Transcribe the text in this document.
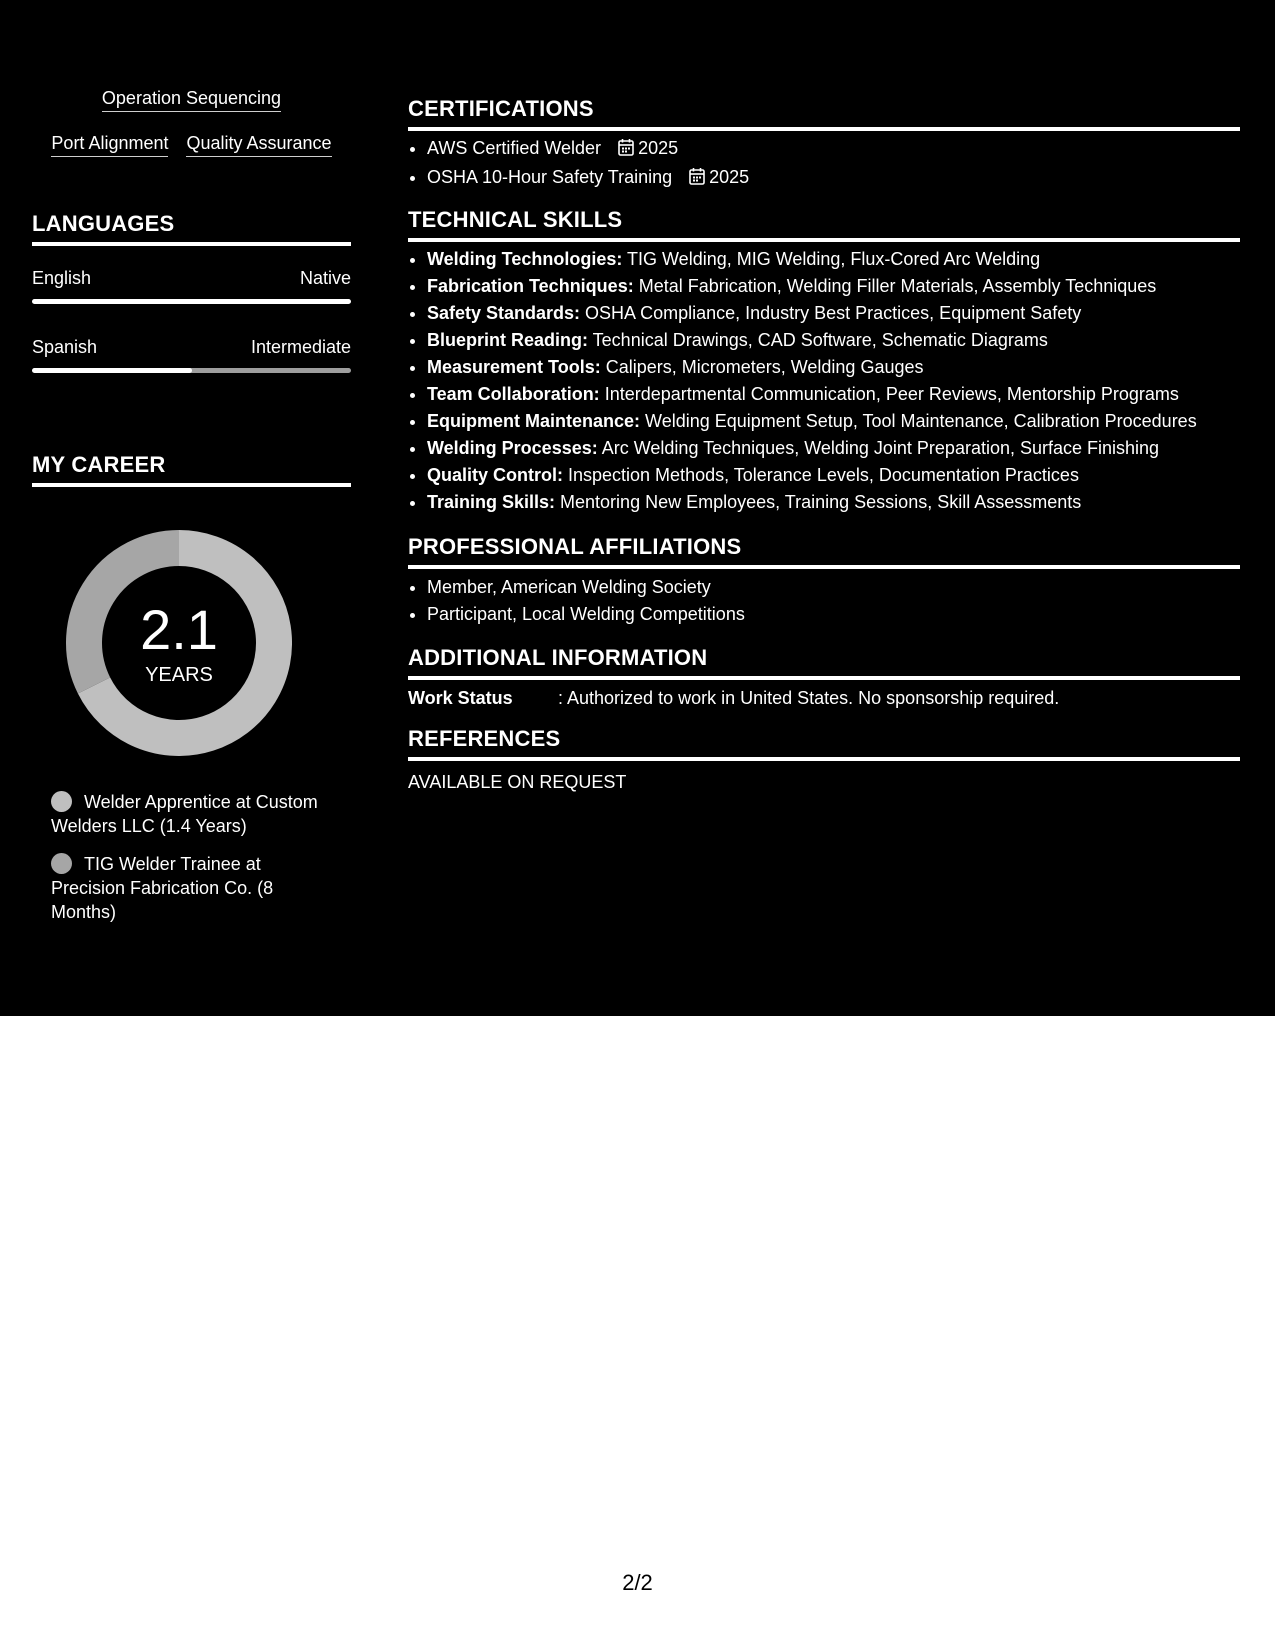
Operation Sequencing
Port Alignment Quality Assurance
LANGUAGES
English	Native
Spanish	Intermediate
MY CAREER
2.1
YEARS
Welder Apprentice at Custom Welders LLC (1.4 Years)
TIG Welder Trainee at Precision Fabrication Co. (8 Months)
CERTIFICATIONS
• AWS Certified Welder 2025
• OSHA 10-Hour Safety Training 2025
TECHNICAL SKILLS
• Welding Technologies: TIG Welding, MIG Welding, Flux-Cored Arc Welding
• Fabrication Techniques: Metal Fabrication, Welding Filler Materials, Assembly Techniques
• Safety Standards: OSHA Compliance, Industry Best Practices, Equipment Safety
• Blueprint Reading: Technical Drawings, CAD Software, Schematic Diagrams
• Measurement Tools: Calipers, Micrometers, Welding Gauges
• Team Collaboration: Interdepartmental Communication, Peer Reviews, Mentorship Programs
• Equipment Maintenance: Welding Equipment Setup, Tool Maintenance, Calibration Procedures
• Welding Processes: Arc Welding Techniques, Welding Joint Preparation, Surface Finishing
• Quality Control: Inspection Methods, Tolerance Levels, Documentation Practices
• Training Skills: Mentoring New Employees, Training Sessions, Skill Assessments
PROFESSIONAL AFFILIATIONS
• Member, American Welding Society
• Participant, Local Welding Competitions
ADDITIONAL INFORMATION
Work Status	: Authorized to work in United States. No sponsorship required.
REFERENCES
AVAILABLE ON REQUEST
2/2
